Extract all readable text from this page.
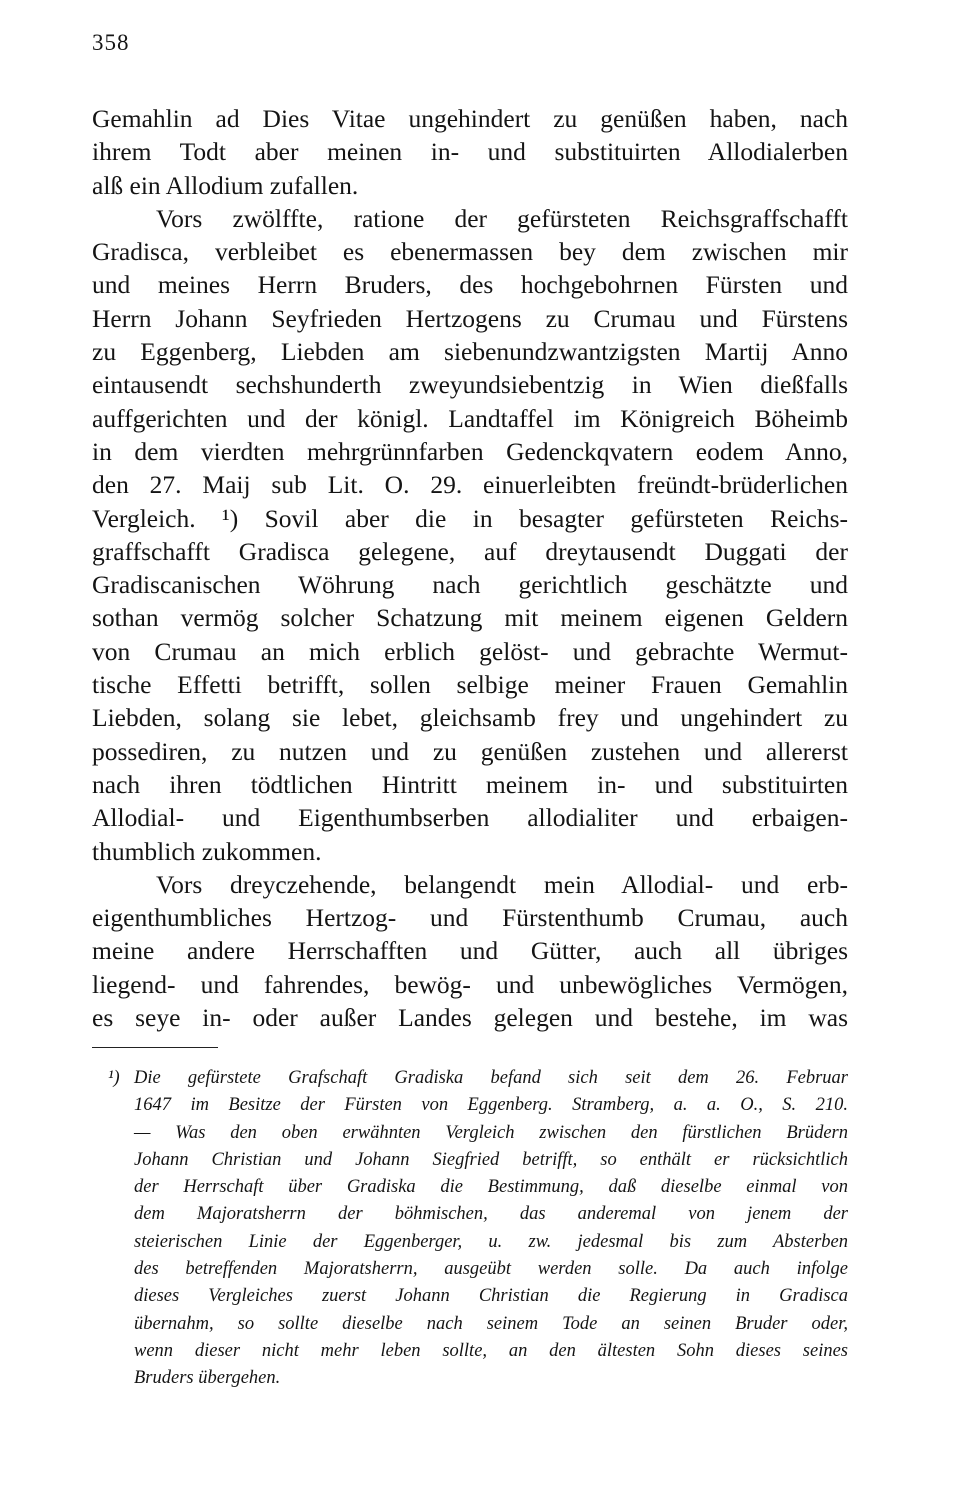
358
Gemahlin ad Dies Vitae ungehindert zu genüßen haben, nach
ihrem Todt aber meinen in- und substituirten Allodialerben
alß ein Allodium zufallen.
Vors zwölffte, ratione der gefürsteten Reichsgraffschafft
Gradisca, verbleibet es ebenermassen bey dem zwischen mir
und meines Herrn Bruders, des hochgebohrnen Fürsten und
Herrn Johann Seyfrieden Hertzogens zu Crumau und Fürstens
zu Eggenberg, Liebden am siebenundzwantzigsten Martij Anno
eintausendt sechshunderth zweyundsiebentzig in Wien dießfalls
auffgerichten und der königl. Landtaffel im Königreich Böheimb
in dem vierdten mehrgrünnfarben Gedenckqvatern eodem Anno,
den 27. Maij sub Lit. O. 29. einuerleibten freündt-brüderlichen
Vergleich. ¹) Sovil aber die in besagter gefürsteten Reichs-
graffschafft Gradisca gelegene, auf dreytausendt Duggati der
Gradiscanischen Wöhrung nach gerichtlich geschätzte und
sothan vermög solcher Schatzung mit meinem eigenen Geldern
von Crumau an mich erblich gelöst- und gebrachte Wermut-
tische Effetti betrifft, sollen selbige meiner Frauen Gemahlin
Liebden, solang sie lebet, gleichsamb frey und ungehindert zu
possediren, zu nutzen und zu genüßen zustehen und allererst
nach ihren tödtlichen Hintritt meinem in- und substituirten
Allodial- und Eigenthumbserben allodialiter und erbaigen-
thumblich zukommen.
Vors dreyczehende, belangendt mein Allodial- und erb-
eigenthumbliches Hertzog- und Fürstenthumb Crumau, auch
meine andere Herrschafften und Gütter, auch all übriges
liegend- und fahrendes, bewög- und unbewögliches Vermögen,
es seye in- oder außer Landes gelegen und bestehe, im was
¹) Die gefürstete Grafschaft Gradiska befand sich seit dem 26. Februar
1647 im Besitze der Fürsten von Eggenberg. Stramberg, a. a. O., S. 210.
— Was den oben erwähnten Vergleich zwischen den fürstlichen Brüdern
Johann Christian und Johann Siegfried betrifft, so enthält er rücksichtlich
der Herrschaft über Gradiska die Bestimmung, daß dieselbe einmal von
dem Majoratsherrn der böhmischen, das anderemal von jenem der
steierischen Linie der Eggenberger, u. zw. jedesmal bis zum Absterben
des betreffenden Majoratsherrn, ausgeübt werden solle. Da auch infolge
dieses Vergleiches zuerst Johann Christian die Regierung in Gradisca
übernahm, so sollte dieselbe nach seinem Tode an seinen Bruder oder,
wenn dieser nicht mehr leben sollte, an den ältesten Sohn dieses seines
Bruders übergehen.
